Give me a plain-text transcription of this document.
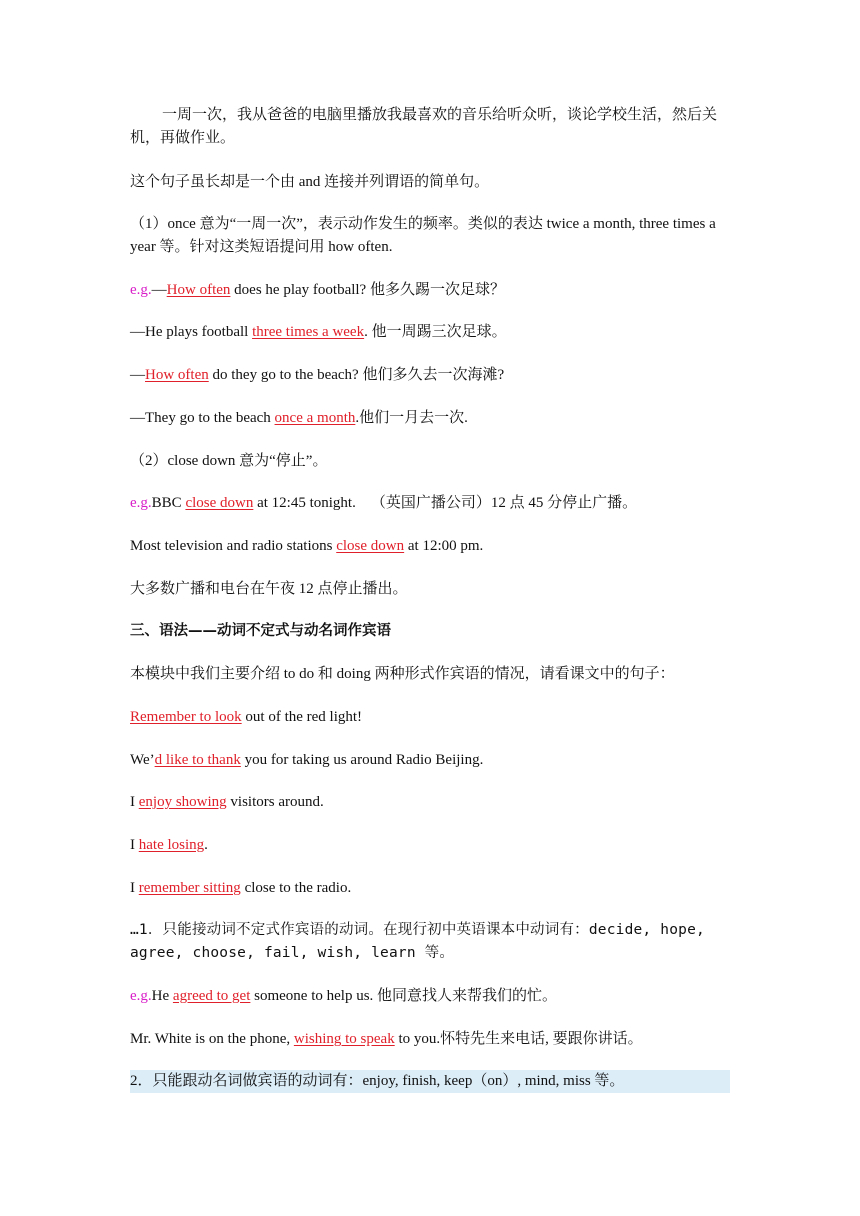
一周一次，我从爸爸的电脑里播放我最喜欢的音乐给听众听，谈论学校生活，然后关机，再做作业。
这个句子虽长却是一个由 and 连接并列谓语的简单句。
（1）once 意为“一周一次”，表示动作发生的频率。类似的表达 twice a month, three times a year 等。针对这类短语提问用 how often.
e.g.—How often does he play football? 他多久踢一次足球？
—He plays football three times a week. 他一周踢三次足球。
—How often do they go to the beach? 他们多久去一次海滩?
—They go to the beach once a month.他们一月去一次.
（2）close down 意为“停止”。
e.g.BBC close down at 12:45 tonight.    （英国广播公司）12 点 45 分停止广播。
Most television and radio stations close down at 12:00 pm.
大多数广播和电台在午夜 12 点停止播出。
三、语法——动词不定式与动名词作宾语
本模块中我们主要介绍 to do 和 doing 两种形式作宾语的情况，请看课文中的句子：
Remember to look out of the red light!
We’d like to thank you for taking us around Radio Beijing.
I enjoy showing visitors around.
I hate losing.
I remember sitting close to the radio.
…1．只能接动词不定式作宾语的动词。在现行初中英语课本中动词有：decide, hope, agree, choose, fail, wish, learn 等。
e.g.He agreed to get someone to help us. 他同意找人来帮我们的忙。
Mr. White is on the phone, wishing to speak to you.怀特先生来电话, 要跟你讲话。
2．只能跟动名词做宾语的动词有：enjoy, finish, keep（on）, mind, miss 等。
